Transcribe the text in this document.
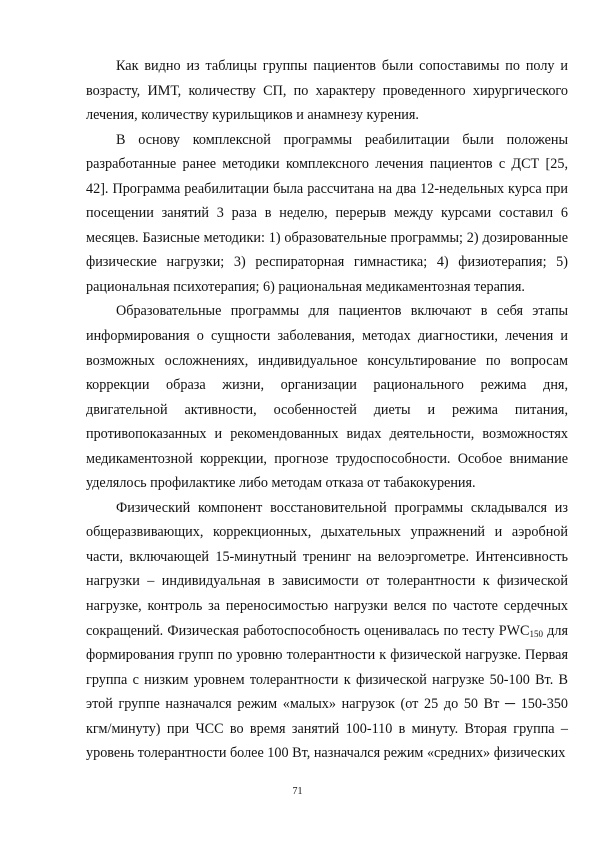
Как видно из таблицы группы пациентов были сопоставимы по полу и возрасту, ИМТ, количеству СП, по характеру проведенного хирургического лечения, количеству курильщиков и анамнезу курения.

В основу комплексной программы реабилитации были положены разработанные ранее методики комплексного лечения пациентов с ДСТ [25, 42]. Программа реабилитации была рассчитана на два 12-недельных курса при посещении занятий 3 раза в неделю, перерыв между курсами составил 6 месяцев. Базисные методики: 1) образовательные программы; 2) дозированные физические нагрузки; 3) респираторная гимнастика; 4) физиотерапия; 5) рациональная психотерапия; 6) рациональная медикаментозная терапия.

Образовательные программы для пациентов включают в себя этапы информирования о сущности заболевания, методах диагностики, лечения и возможных осложнениях, индивидуальное консультирование по вопросам коррекции образа жизни, организации рационального режима дня, двигательной активности, особенностей диеты и режима питания, противопоказанных и рекомендованных видах деятельности, возможностях медикаментозной коррекции, прогнозе трудоспособности. Особое внимание уделялось профилактике либо методам отказа от табакокурения.

Физический компонент восстановительной программы складывался из общеразвивающих, коррекционных, дыхательных упражнений и аэробной части, включающей 15-минутный тренинг на велоэргометре. Интенсивность нагрузки – индивидуальная в зависимости от толерантности к физической нагрузке, контроль за переносимостью нагрузки велся по частоте сердечных сокращений. Физическая работоспособность оценивалась по тесту $PWC_{150}$ для формирования групп по уровню толерантности к физической нагрузке. Первая группа с низким уровнем толерантности к физической нагрузке 50-100 Вт. В этой группе назначался режим «малых» нагрузок (от 25 до 50 Вт ─ 150-350 кгм/минуту) при ЧСС во время занятий 100-110 в минуту. Вторая группа – уровень толерантности более 100 Вт, назначался режим «средних» физических

71
